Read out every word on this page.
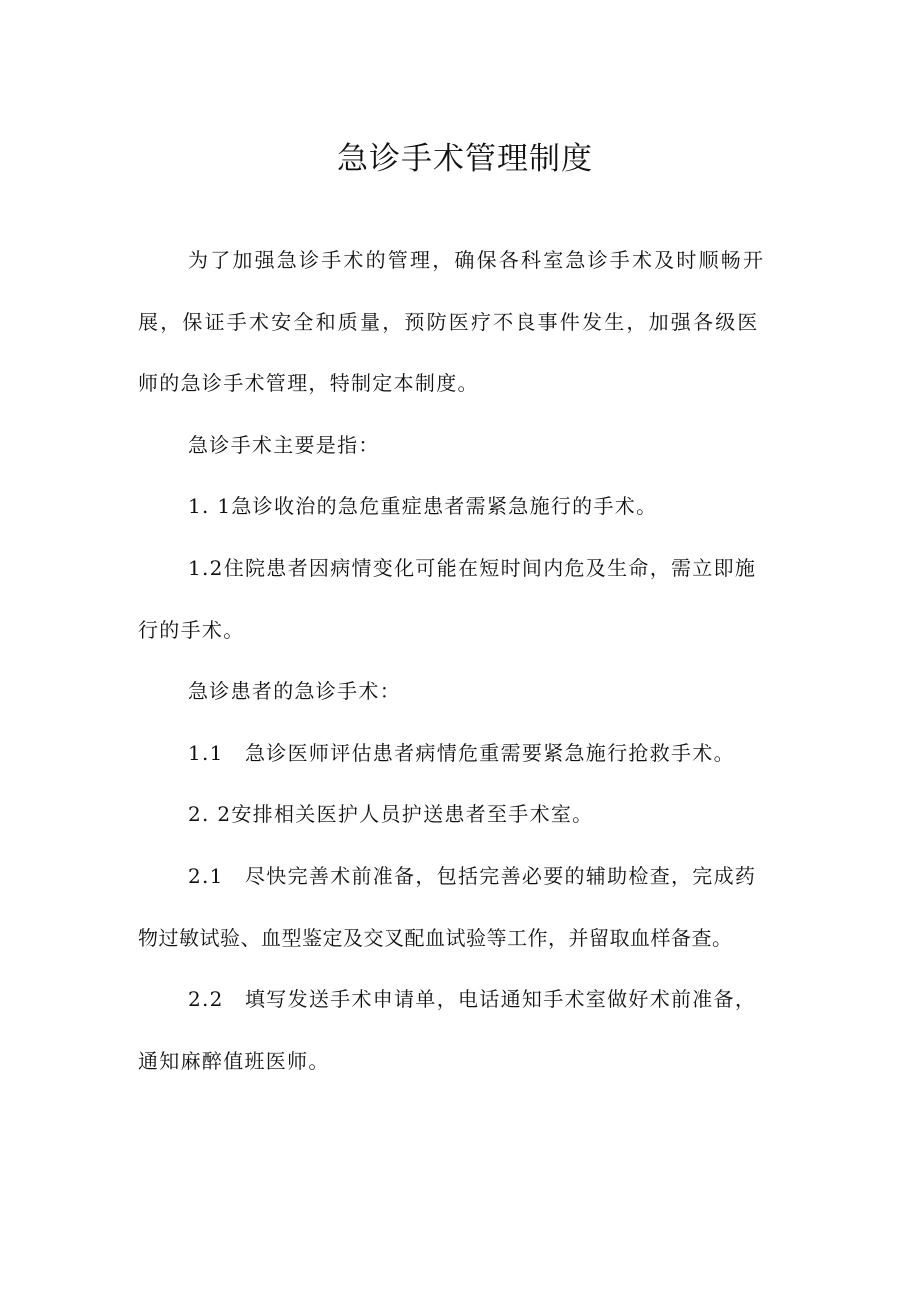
急诊手术管理制度
为了加强急诊手术的管理，确保各科室急诊手术及时顺畅开
展，保证手术安全和质量，预防医疗不良事件发生，加强各级医
师的急诊手术管理，特制定本制度。
急诊手术主要是指：
1. 1急诊收治的急危重症患者需紧急施行的手术。
1.2住院患者因病情变化可能在短时间内危及生命，需立即施
行的手术。
急诊患者的急诊手术：
1.1　急诊医师评估患者病情危重需要紧急施行抢救手术。
2. 2安排相关医护人员护送患者至手术室。
2.1　尽快完善术前准备，包括完善必要的辅助检查，完成药
物过敏试验、血型鉴定及交叉配血试验等工作，并留取血样备查。
2.2　填写发送手术申请单，电话通知手术室做好术前准备，
通知麻醉值班医师。
